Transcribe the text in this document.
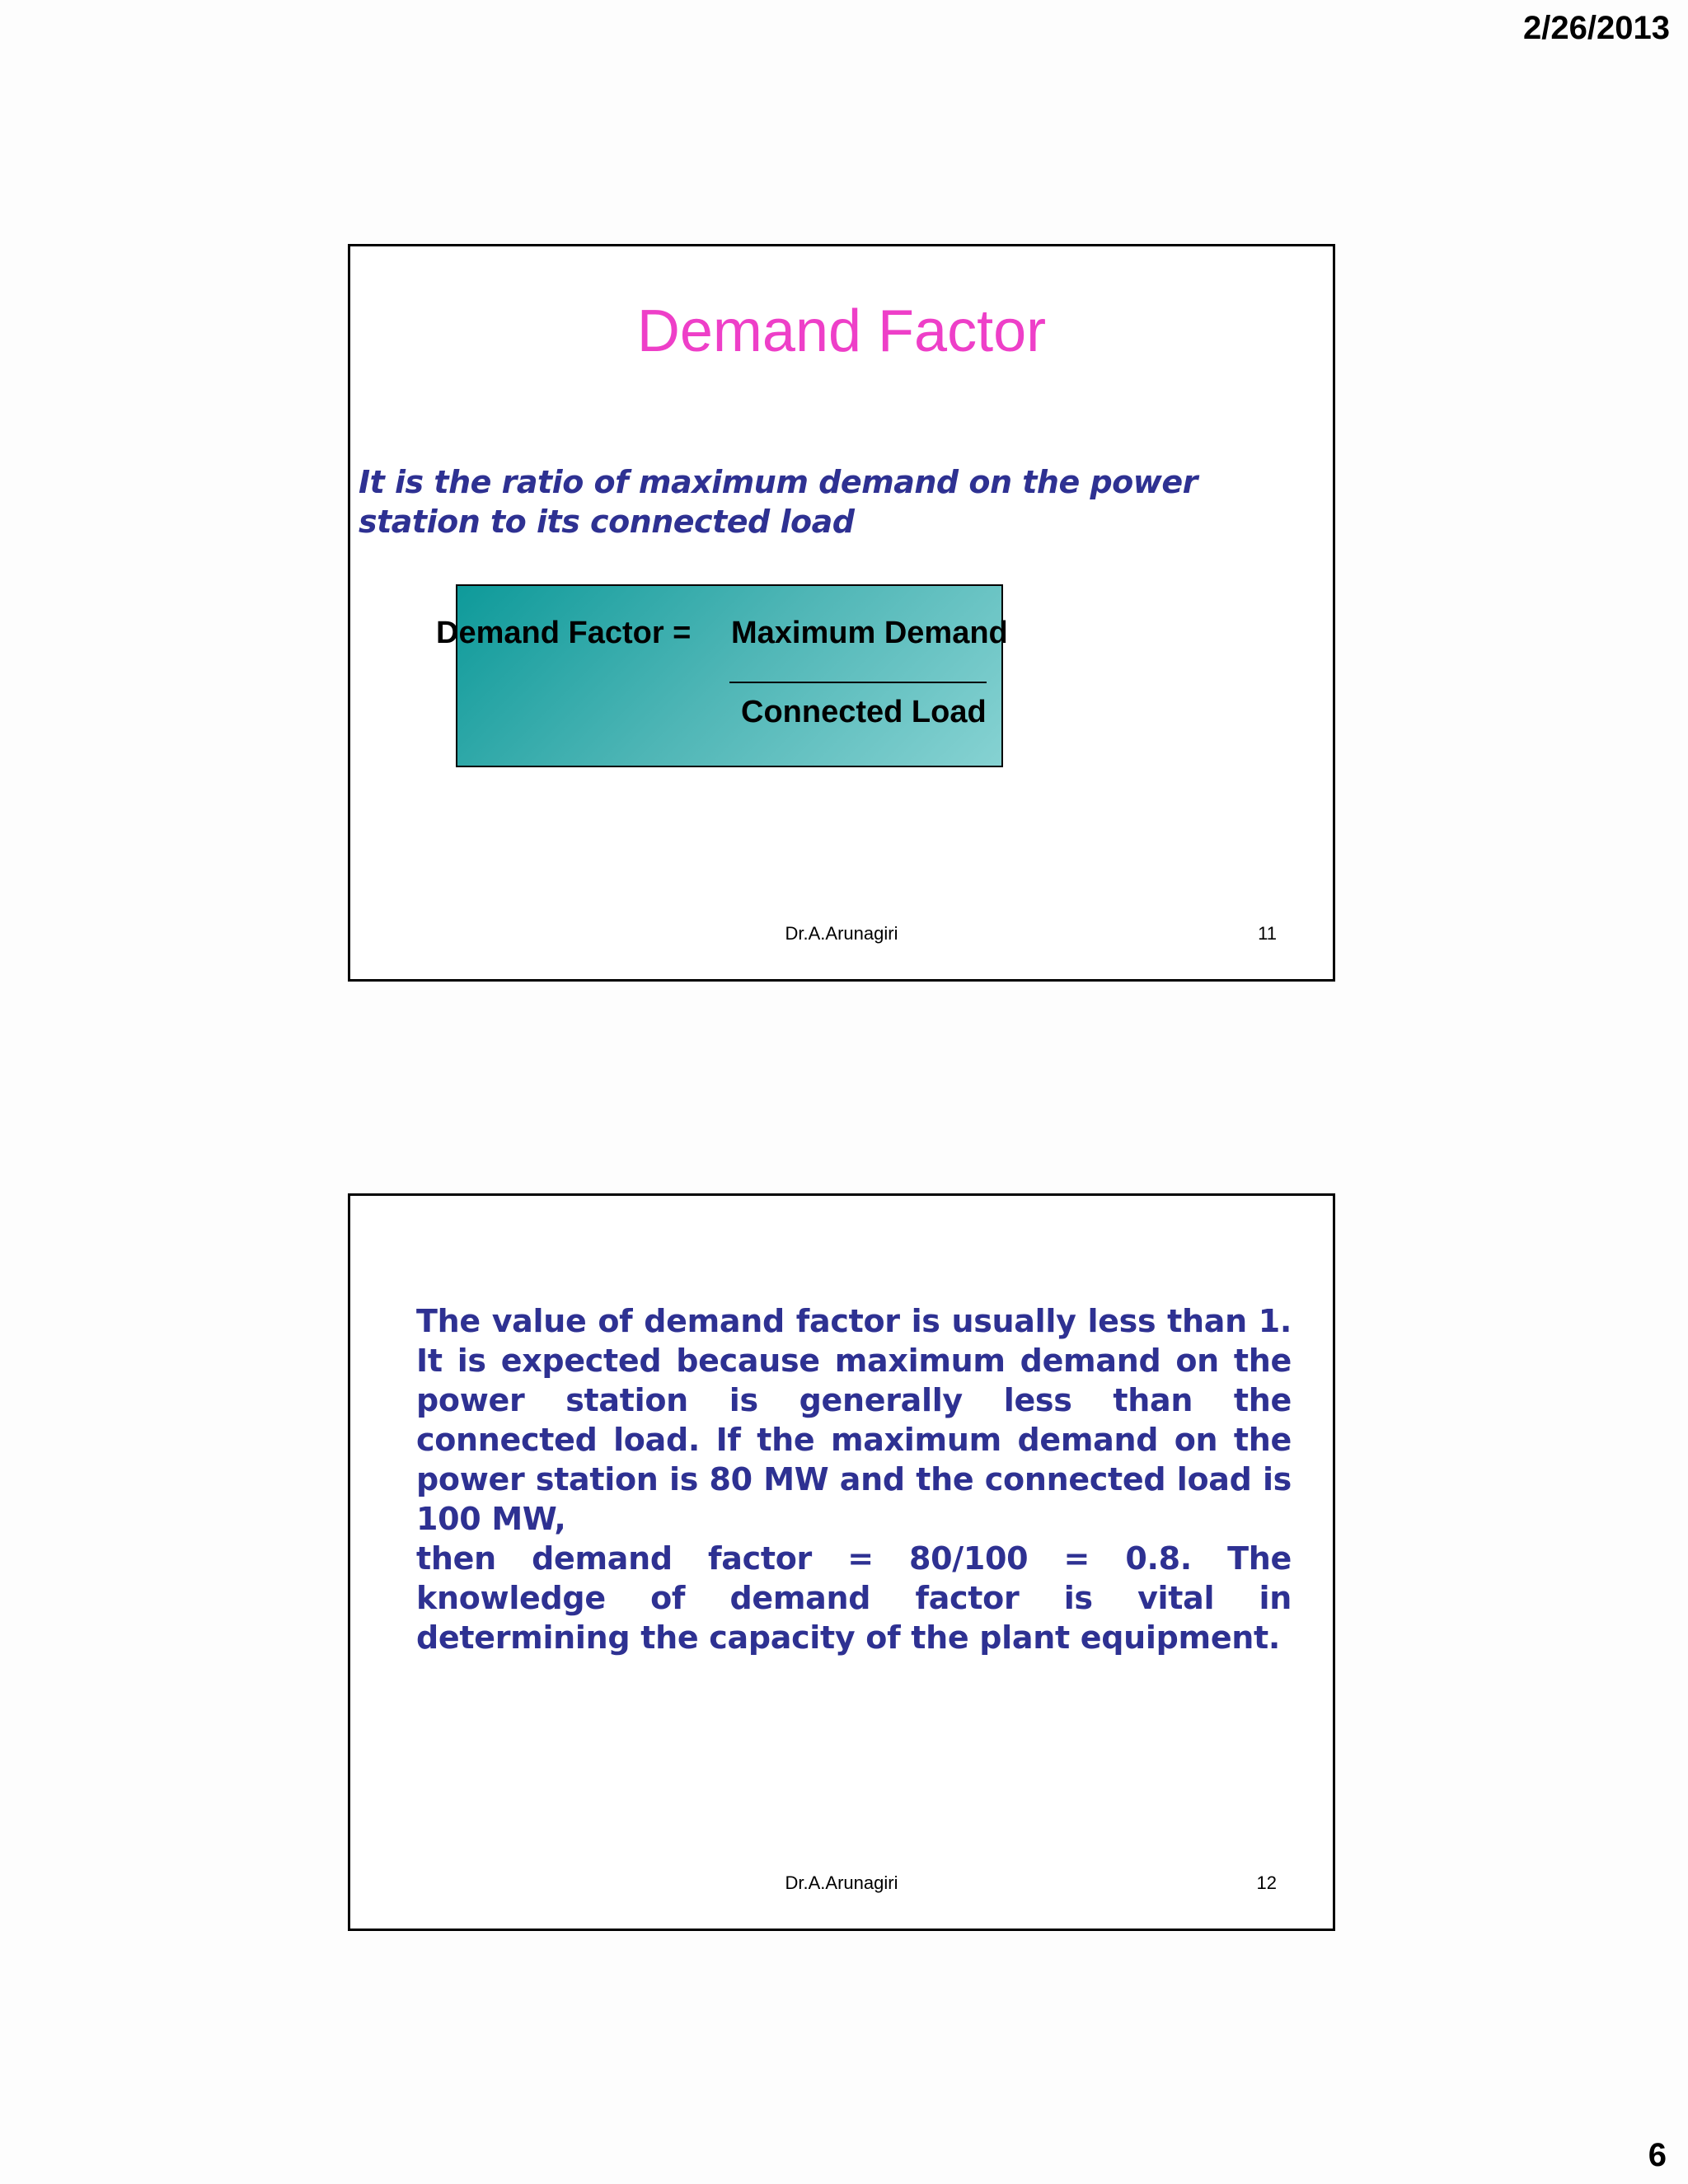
2/26/2013
Demand Factor
It is the ratio of maximum demand on the power station to its connected load
Demand Factor = Maximum Demand
Connected Load
Dr.A.Arunagiri	11
The value of demand factor is usually less than 1. It is expected because maximum demand on the power station is generally less than the connected load. If the maximum demand on the power station is 80 MW and the connected load is 100 MW,
then demand factor = 80/100 = 0.8. The knowledge of demand factor is vital in determining the capacity of the plant equipment.
Dr.A.Arunagiri	12
6
